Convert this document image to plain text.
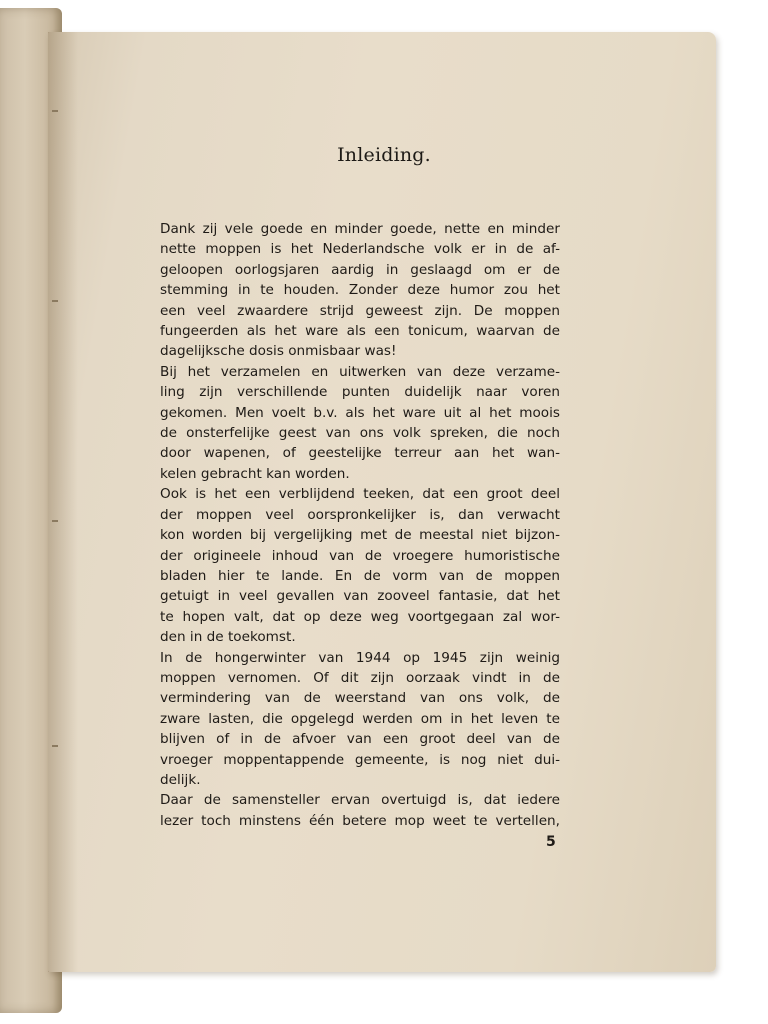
Inleiding.
Dank zij vele goede en minder goede, nette en minder
nette moppen is het Nederlandsche volk er in de af-
geloopen oorlogsjaren aardig in geslaagd om er de
stemming in te houden. Zonder deze humor zou het
een veel zwaardere strijd geweest zijn. De moppen
fungeerden als het ware als een tonicum, waarvan de
dagelijksche dosis onmisbaar was!
Bij het verzamelen en uitwerken van deze verzame-
ling zijn verschillende punten duidelijk naar voren
gekomen. Men voelt b.v. als het ware uit al het moois
de onsterfelijke geest van ons volk spreken, die noch
door wapenen, of geestelijke terreur aan het wan-
kelen gebracht kan worden.
Ook is het een verblijdend teeken, dat een groot deel
der moppen veel oorspronkelijker is, dan verwacht
kon worden bij vergelijking met de meestal niet bijzon-
der origineele inhoud van de vroegere humoristische
bladen hier te lande. En de vorm van de moppen
getuigt in veel gevallen van zooveel fantasie, dat het
te hopen valt, dat op deze weg voortgegaan zal wor-
den in de toekomst.
In de hongerwinter van 1944 op 1945 zijn weinig
moppen vernomen. Of dit zijn oorzaak vindt in de
vermindering van de weerstand van ons volk, de
zware lasten, die opgelegd werden om in het leven te
blijven of in de afvoer van een groot deel van de
vroeger moppentappende gemeente, is nog niet dui-
delijk.
Daar de samensteller ervan overtuigd is, dat iedere
lezer toch minstens één betere mop weet te vertellen,
5
